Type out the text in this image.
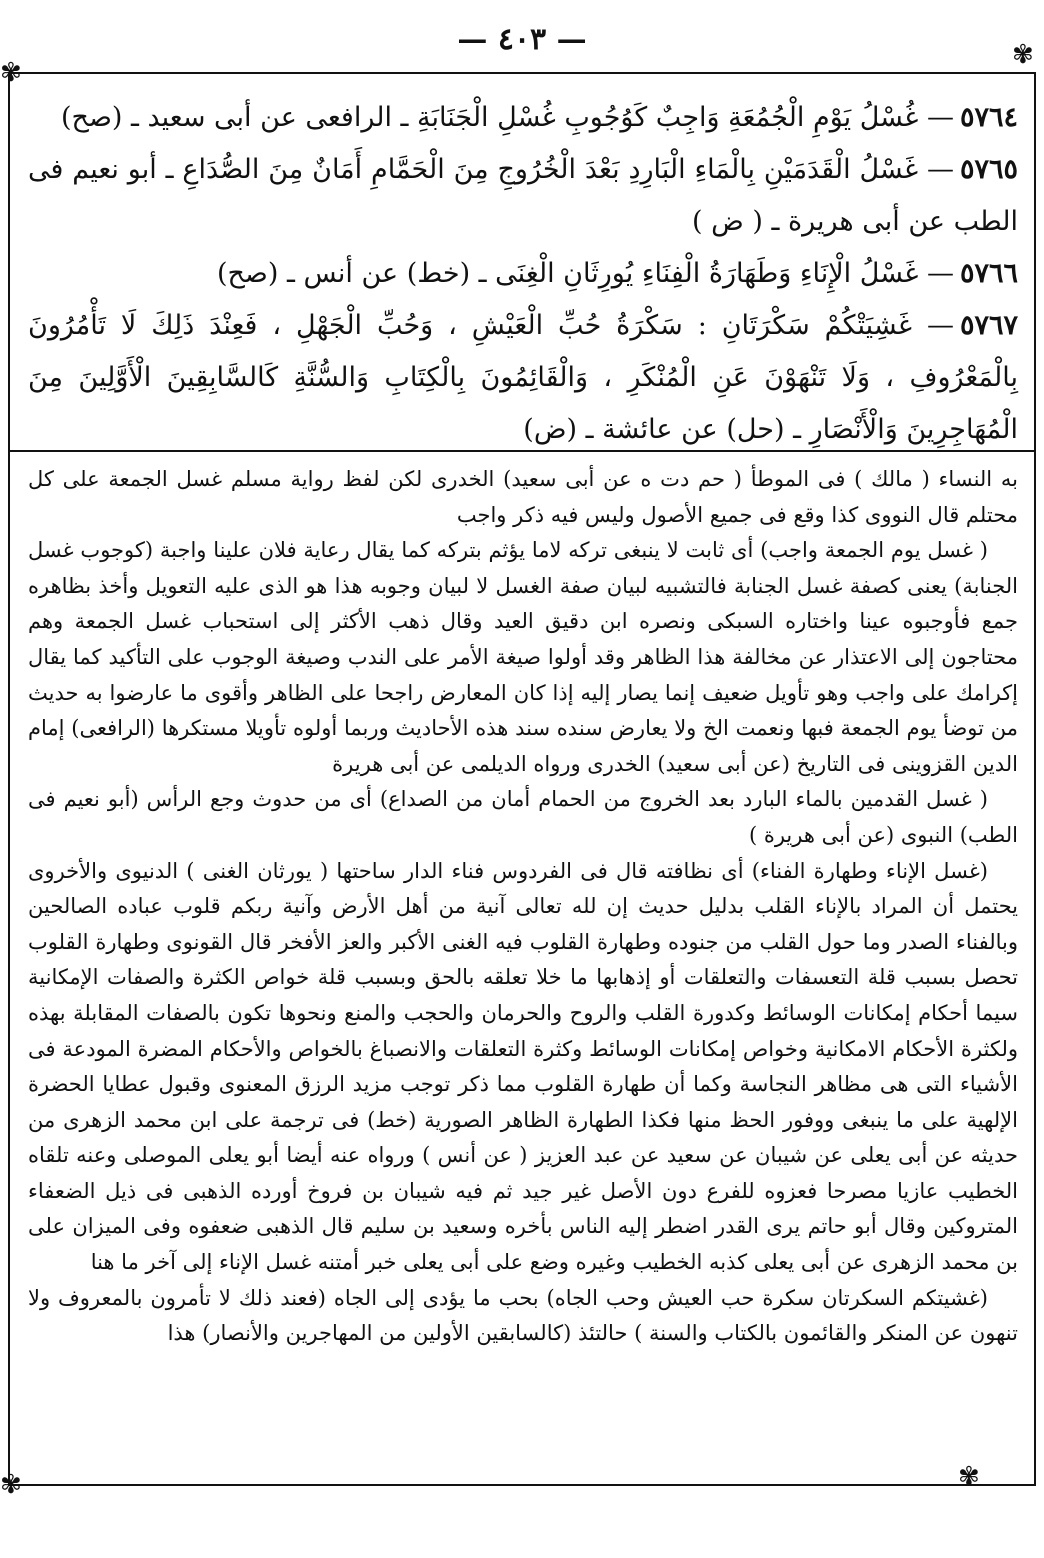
— ٤٠٣ —
✾
✾
✾	✾

٥٧٦٤— غُسْلُ يَوْمِ الْجُمُعَةِ وَاجِبٌ كَوُجُوبِ غُسْلِ الْجَنَابَةِ ـ الرافعى عن أبى سعيد ـ (صح)

٥٧٦٥— غَسْلُ الْقَدَمَيْنِ بِالْمَاءِ الْبَارِدِ بَعْدَ الْخُرُوجِ مِنَ الْحَمَّامِ أَمَانٌ مِنَ الصُّدَاعِ ـ أبو نعيم فى الطب عن أبى هريرة ـ ( ض )

٥٧٦٦— غَسْلُ الْإِنَاءِ وَطَهَارَةُ الْفِنَاءِ يُورِثَانِ الْغِنَى ـ (خط) عن أنس ـ (صح)

٥٧٦٧— غَشِيَتْكُمْ سَكْرَتَانِ : سَكْرَةُ حُبِّ الْعَيْشِ ، وَحُبِّ الْجَهْلِ ، فَعِنْدَ ذَلِكَ لَا تَأْمُرُونَ بِالْمَعْرُوفِ ، وَلَا تَنْهَوْنَ عَنِ الْمُنْكَرِ ، وَالْقَائِمُونَ بِالْكِتَابِ وَالسُّنَّةِ كَالسَّابِقِينَ الْأَوَّلِينَ مِنَ الْمُهَاجِرِينَ وَالْأَنْصَارِ ـ (حل) عن عائشة ـ (ض)

به النساء ( مالك ) فى الموطأ ( حم دت ه عن أبى سعيد) الخدرى لكن لفظ رواية مسلم غسل الجمعة على كل محتلم قال النووى كذا وقع فى جميع الأصول وليس فيه ذكر واجب

( غسل يوم الجمعة واجب) أى ثابت لا ينبغى تركه لاما يؤثم بتركه كما يقال رعاية فلان علينا واجبة (كوجوب غسل الجنابة) يعنى كصفة غسل الجنابة فالتشبيه لبيان صفة الغسل لا لبيان وجوبه هذا هو الذى عليه التعويل وأخذ بظاهره جمع فأوجبوه عينا واختاره السبكى ونصره ابن دقيق العيد وقال ذهب الأكثر إلى استحباب غسل الجمعة وهم محتاجون إلى الاعتذار عن مخالفة هذا الظاهر وقد أولوا صيغة الأمر على الندب وصيغة الوجوب على التأكيد كما يقال إكرامك على واجب وهو تأويل ضعيف إنما يصار إليه إذا كان المعارض راجحا على الظاهر وأقوى ما عارضوا به حديث من توضأ يوم الجمعة فبها ونعمت الخ ولا يعارض سنده سند هذه الأحاديث وربما أولوه تأويلا مستكرها (الرافعى) إمام الدين القزوينى فى التاريخ (عن أبى سعيد) الخدرى ورواه الديلمى عن أبى هريرة

( غسل القدمين بالماء البارد بعد الخروج من الحمام أمان من الصداع) أى من حدوث وجع الرأس (أبو نعيم فى الطب) النبوى (عن أبى هريرة )

(غسل الإناء وطهارة الفناء) أى نظافته قال فى الفردوس فناء الدار ساحتها ( يورثان الغنى ) الدنيوى والأخروى يحتمل أن المراد بالإناء القلب بدليل حديث إن لله تعالى آنية من أهل الأرض وآنية ربكم قلوب عباده الصالحين وبالفناء الصدر وما حول القلب من جنوده وطهارة القلوب فيه الغنى الأكبر والعز الأفخر قال القونوى وطهارة القلوب تحصل بسبب قلة التعسفات والتعلقات أو إذهابها ما خلا تعلقه بالحق وبسبب قلة خواص الكثرة والصفات الإمكانية سيما أحكام إمكانات الوسائط وكدورة القلب والروح والحرمان والحجب والمنع ونحوها تكون بالصفات المقابلة بهذه ولكثرة الأحكام الامكانية وخواص إمكانات الوسائط وكثرة التعلقات والانصباغ بالخواص والأحكام المضرة المودعة فى الأشياء التى هى مظاهر النجاسة وكما أن طهارة القلوب مما ذكر توجب مزيد الرزق المعنوى وقبول عطايا الحضرة الإلهية على ما ينبغى ووفور الحظ منها فكذا الطهارة الظاهر الصورية (خط) فى ترجمة على ابن محمد الزهرى من حديثه عن أبى يعلى عن شيبان عن سعيد عن عبد العزيز ( عن أنس ) ورواه عنه أيضا أبو يعلى الموصلى وعنه تلقاه الخطيب عازيا مصرحا فعزوه للفرع دون الأصل غير جيد ثم فيه شيبان بن فروخ أورده الذهبى فى ذيل الضعفاء المتروكين وقال أبو حاتم يرى القدر اضطر إليه الناس بأخره وسعيد بن سليم قال الذهبى ضعفوه وفى الميزان على بن محمد الزهرى عن أبى يعلى كذبه الخطيب وغيره وضع على أبى يعلى خبر أمتنه غسل الإناء إلى آخر ما هنا

(غشيتكم السكرتان سكرة حب العيش وحب الجاه) بحب ما يؤدى إلى الجاه (فعند ذلك لا تأمرون بالمعروف ولا تنهون عن المنكر والقائمون بالكتاب والسنة ) حالتئذ (كالسابقين الأولين من المهاجرين والأنصار) هذا
